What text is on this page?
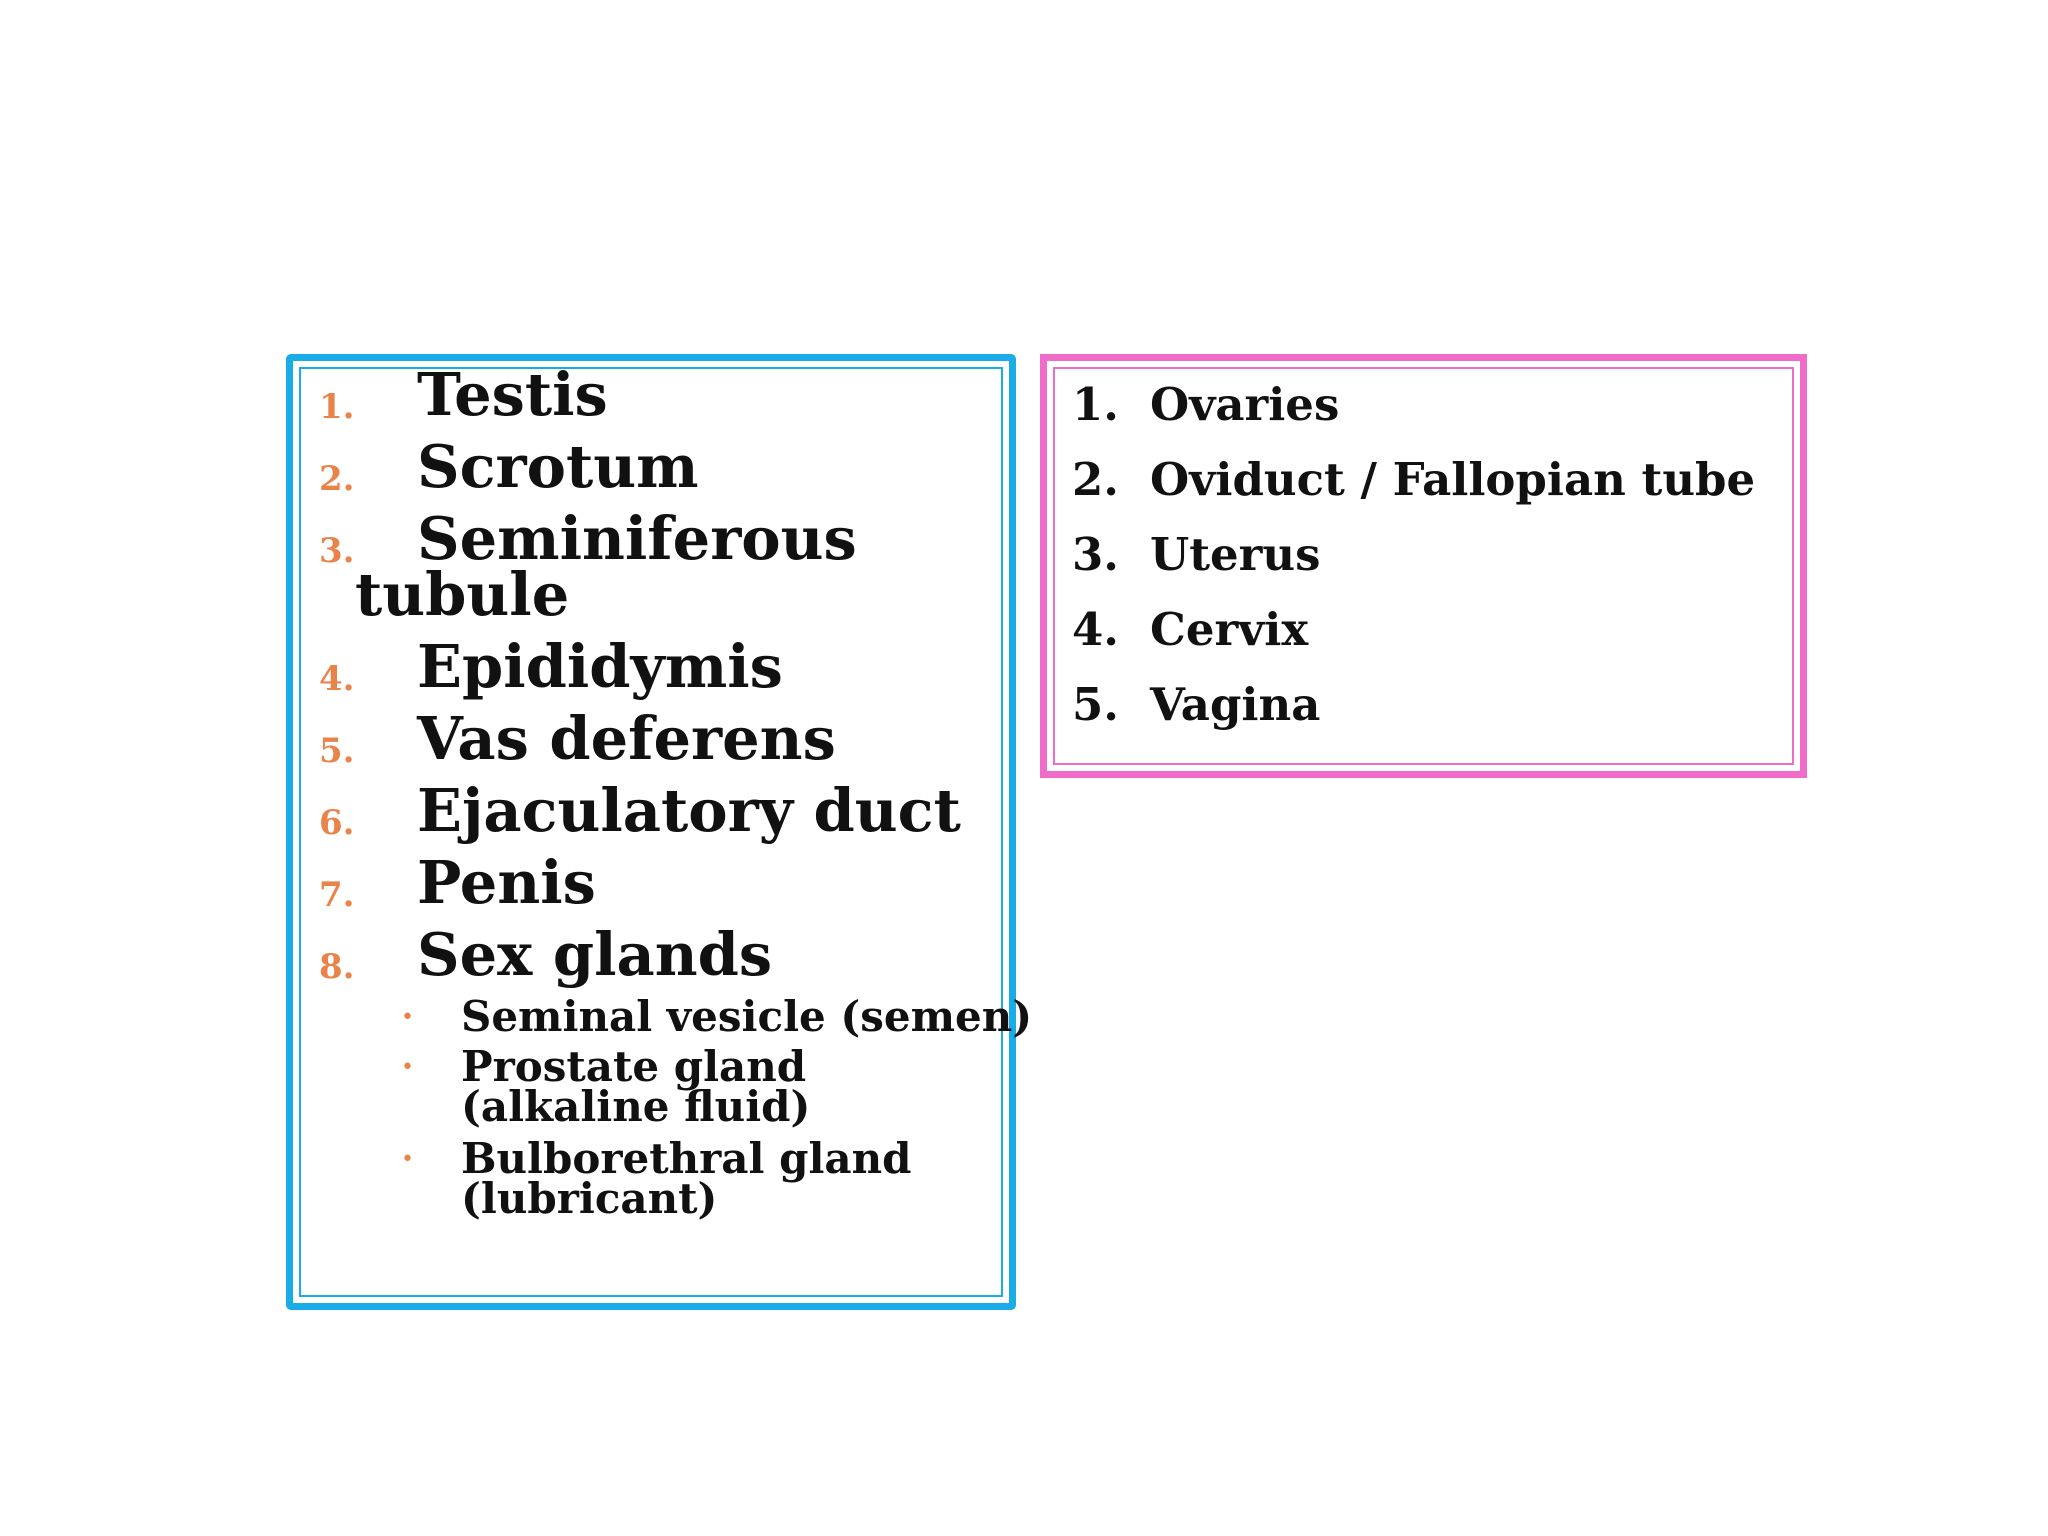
1. Testis
2. Scrotum
3. Seminiferous
tubule
4. Epididymis
5. Vas deferens
6. Ejaculatory duct
7. Penis
8. Sex glands
• Seminal vesicle (semen)
• Prostate gland
(alkaline fluid)
• Bulborethral gland
(lubricant)
1. Ovaries
2. Oviduct / Fallopian tube
3. Uterus
4. Cervix
5. Vagina
